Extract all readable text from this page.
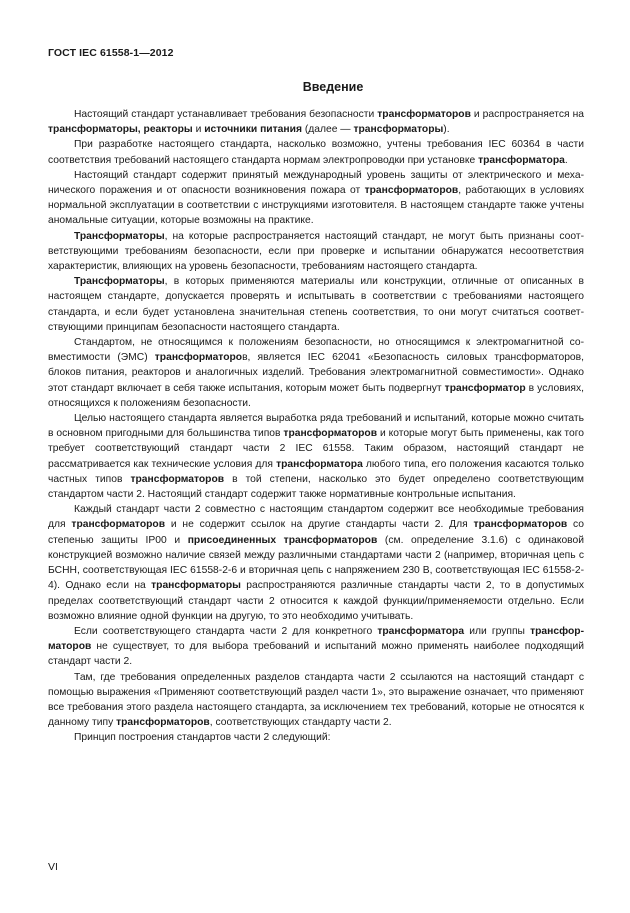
ГОСТ IEC 61558-1—2012
Введение

Настоящий стандарт устанавливает требования безопасности трансформаторов и распространяется на трансформаторы, реакторы и источники питания (далее — трансформаторы).

При разработке настоящего стандарта, насколько возможно, учтены требования IEC 60364 в части соответствия требований настоящего стандарта нормам электропроводки при установке трансформатора.

Настоящий стандарт содержит принятый международный уровень защиты от электрического и механического поражения и от опасности возникновения пожара от трансформаторов, работающих в условиях нормальной эксплуатации в соответствии с инструкциями изготовителя. В настоящем стандарте также учтены аномальные ситуации, которые возможны на практике.

Трансформаторы, на которые распространяется настоящий стандарт, не могут быть признаны соответствующими требованиям безопасности, если при проверке и испытании обнаружатся несоответствия характеристик, влияющих на уровень безопасности, требованиям настоящего стандарта.

Трансформаторы, в которых применяются материалы или конструкции, отличные от описанных в настоящем стандарте, допускается проверять и испытывать в соответствии с требованиями настоящего стандарта, и если будет установлена значительная степень соответствия, то они могут считаться соответствующими принципам безопасности настоящего стандарта.

Стандартом, не относящимся к положениям безопасности, но относящимся к электромагнитной совместимости (ЭМС) трансформаторов, является IEC 62041 «Безопасность силовых трансформаторов, блоков питания, реакторов и аналогичных изделий. Требования электромагнитной совместимости». Однако этот стандарт включает в себя также испытания, которым может быть подвергнут трансформатор в условиях, относящихся к положениям безопасности.

Целью настоящего стандарта является выработка ряда требований и испытаний, которые можно считать в основном пригодными для большинства типов трансформаторов и которые могут быть применены, как того требует соответствующий стандарт части 2 IEC 61558. Таким образом, настоящий стандарт не рассматривается как технические условия для трансформатора любого типа, его положения касаются только частных типов трансформаторов в той степени, насколько это будет определено соответствующим стандартом части 2. Настоящий стандарт содержит также нормативные контрольные испытания.

Каждый стандарт части 2 совместно с настоящим стандартом содержит все необходимые требования для трансформаторов и не содержит ссылок на другие стандарты части 2. Для трансформаторов со степенью защиты IP00 и присоединенных трансформаторов (см. определение 3.1.6) с одинаковой конструкцией возможно наличие связей между различными стандартами части 2 (например, вторичная цепь с БСНН, соответствующая IEC 61558-2-6 и вторичная цепь с напряжением 230 В, соответствующая IEC 61558-2-4). Однако если на трансформаторы распространяются различные стандарты части 2, то в допустимых пределах соответствующий стандарт части 2 относится к каждой функции/применяемости отдельно. Если возможно влияние одной функции на другую, то это необходимо учитывать.

Если соответствующего стандарта части 2 для конкретного трансформатора или группы трансформаторов не существует, то для выбора требований и испытаний можно применять наиболее подходящий стандарт части 2.

Там, где требования определенных разделов стандарта части 2 ссылаются на настоящий стандарт с помощью выражения «Применяют соответствующий раздел части 1», это выражение означает, что применяют все требования этого раздела настоящего стандарта, за исключением тех требований, которые не относятся к данному типу трансформаторов, соответствующих стандарту части 2.

Принцип построения стандартов части 2 следующий:

VI
